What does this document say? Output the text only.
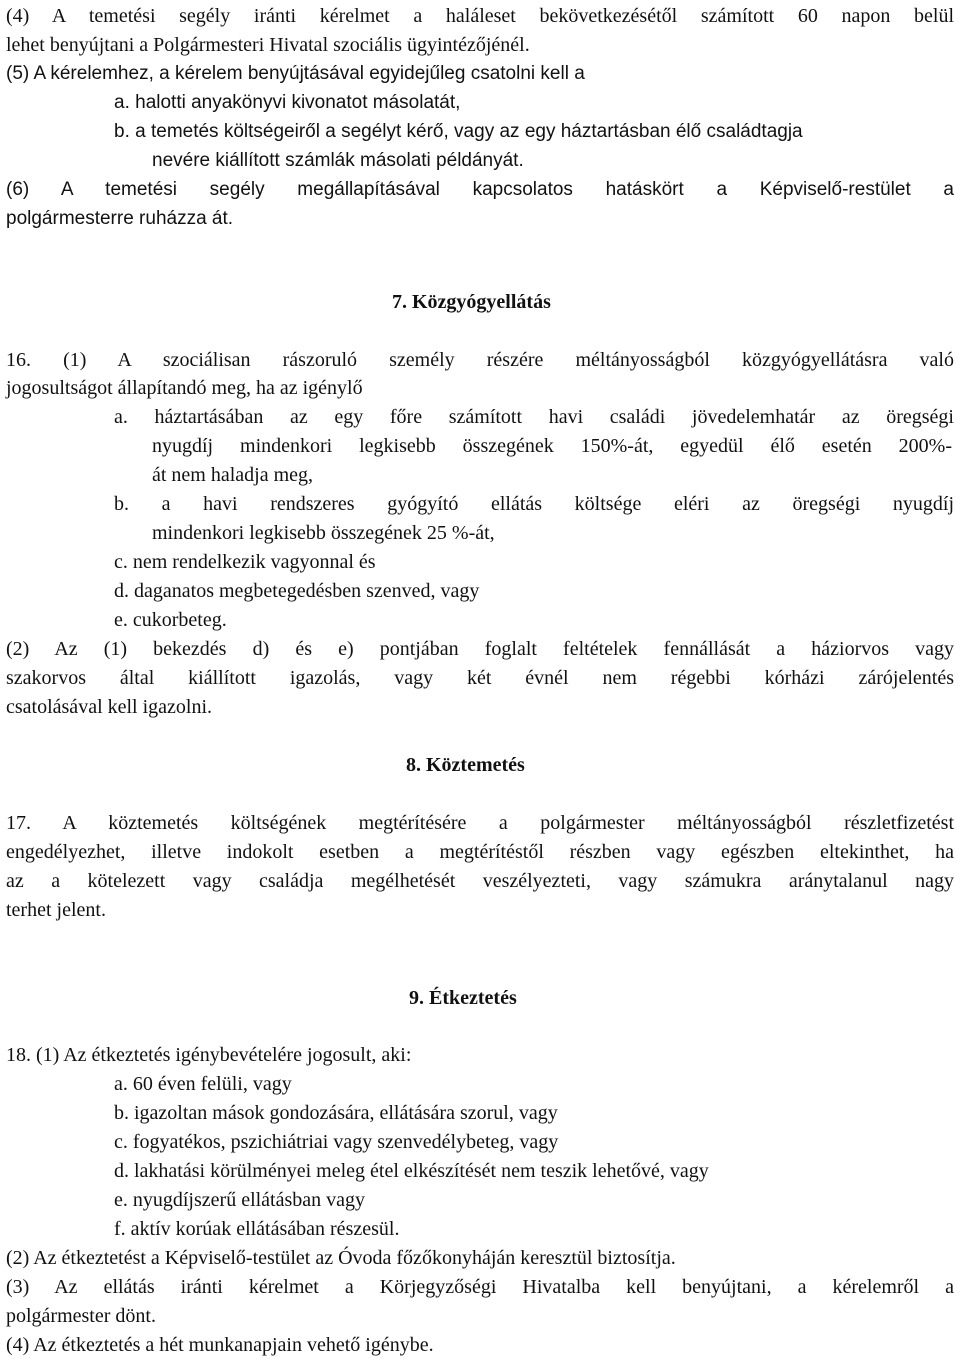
(4) A temetési segély iránti kérelmet a haláleset bekövetkezésétől számított 60 napon belül
lehet benyújtani a Polgármesteri Hivatal szociális ügyintézőjénél.
(5) A kérelemhez, a kérelem benyújtásával egyidejűleg csatolni kell a
a. halotti anyakönyvi kivonatot másolatát,
b. a temetés költségeiről a segélyt kérő, vagy az egy háztartásban élő családtagja
nevére kiállított számlák másolati példányát.
(6) A temetési segély megállapításával kapcsolatos hatáskört a Képviselő-restület a
polgármesterre ruházza át.
7. Közgyógyellátás
16. (1) A szociálisan rászoruló személy részére méltányosságból közgyógyellátásra való
jogosultságot állapítandó meg, ha az igénylő
a. háztartásában az egy főre számított havi családi jövedelemhatár az öregségi
nyugdíj mindenkori legkisebb összegének 150%-át, egyedül élő esetén 200%-
át nem haladja meg,
b. a havi rendszeres gyógyító ellátás költsége eléri az öregségi nyugdíj
mindenkori legkisebb összegének 25 %-át,
c. nem rendelkezik vagyonnal és
d. daganatos megbetegedésben szenved, vagy
e. cukorbeteg.
(2) Az (1) bekezdés d) és e) pontjában foglalt feltételek fennállását a háziorvos vagy
szakorvos által kiállított igazolás, vagy két évnél nem régebbi kórházi zárójelentés
csatolásával kell igazolni.
8. Köztemetés
17. A köztemetés költségének megtérítésére a polgármester méltányosságból részletfizetést
engedélyezhet, illetve indokolt esetben a megtérítéstől részben vagy egészben eltekinthet, ha
az a kötelezett vagy családja megélhetését veszélyezteti, vagy számukra aránytalanul nagy
terhet jelent.
9. Étkeztetés
18. (1) Az étkeztetés igénybevételére jogosult, aki:
a. 60 éven felüli, vagy
b. igazoltan mások gondozására, ellátására szorul, vagy
c. fogyatékos, pszichiátriai vagy szenvedélybeteg, vagy
d. lakhatási körülményei meleg étel elkészítését nem teszik lehetővé, vagy
e. nyugdíjszerű ellátásban vagy
f. aktív korúak ellátásában részesül.
(2) Az étkeztetést a Képviselő-testület az Óvoda főzőkonyháján keresztül biztosítja.
(3) Az ellátás iránti kérelmet a Körjegyzőségi Hivatalba kell benyújtani, a kérelemről a
polgármester dönt.
(4) Az étkeztetés a hét munkanapjain vehető igénybe.
